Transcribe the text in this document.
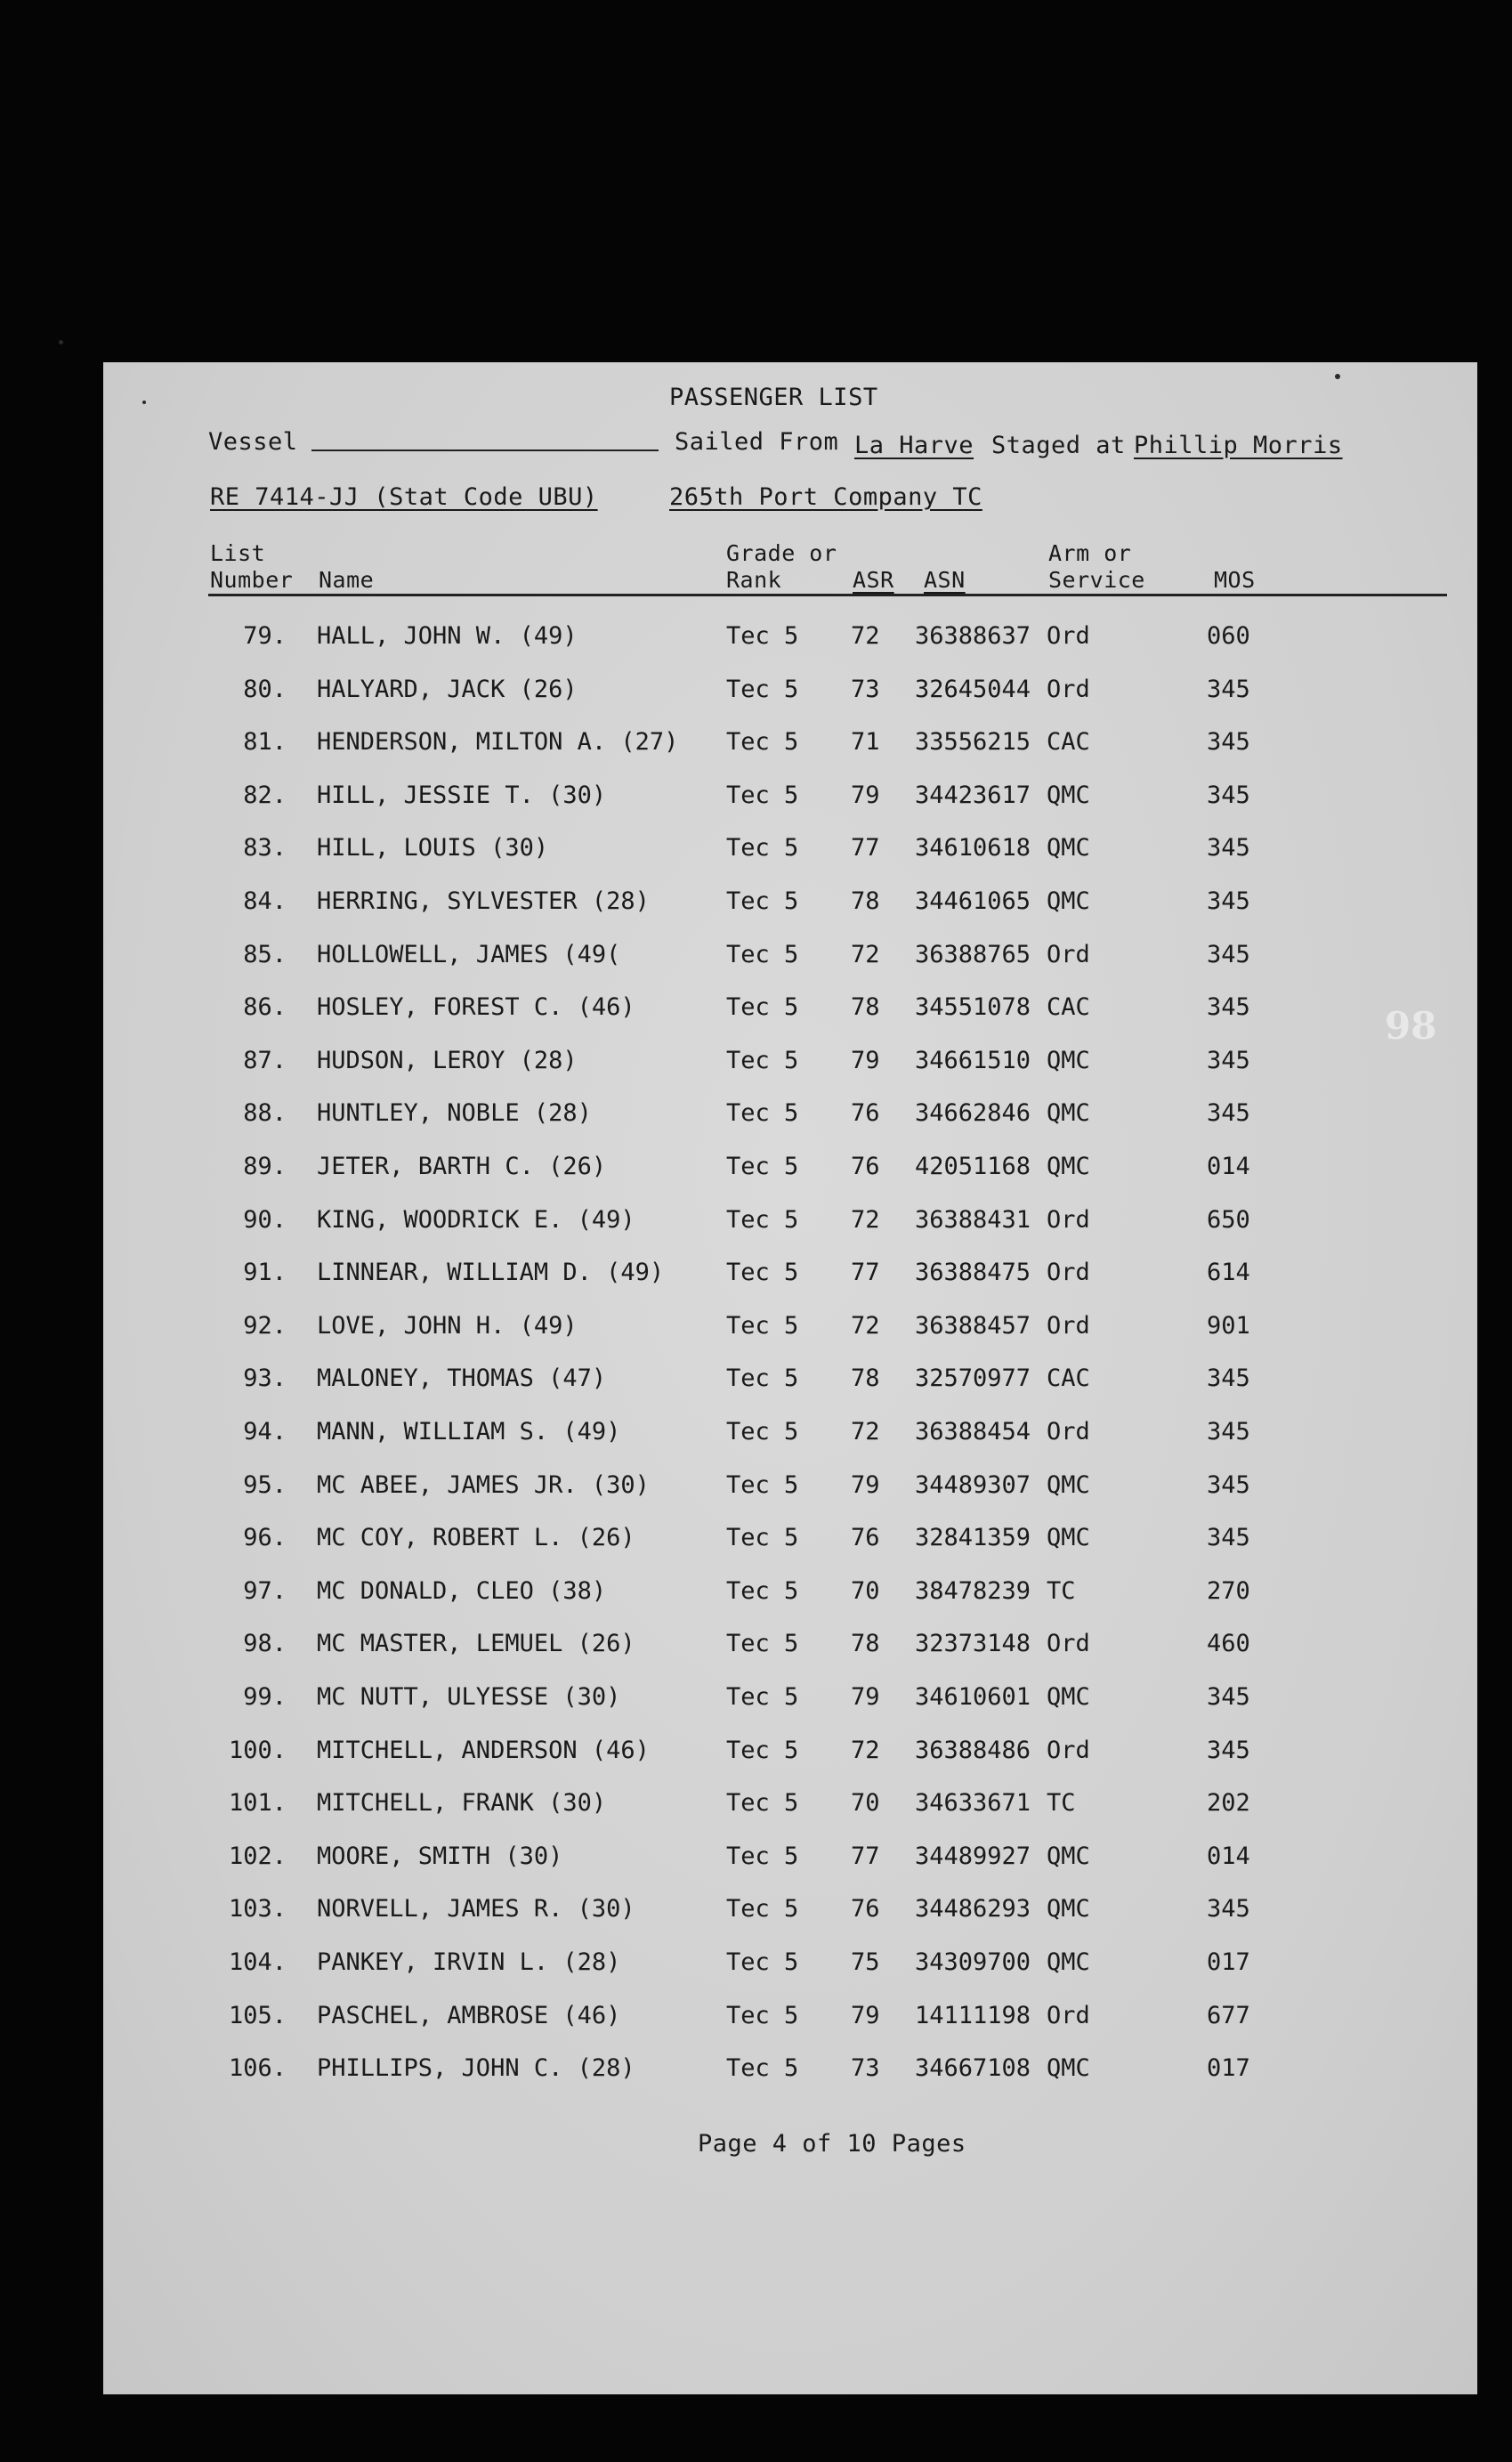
PASSENGER LIST
Vessel	Sailed From La Harve Staged at Phillip Morris
RE 7414-JJ (Stat Code UBU)	265th Port Company TC
List
Number Name
Grade or
Rank	ASR ASN
Arm or
Service	MOS
79. HALL, JOHN W. (49)	Tec 5 72 36388637 Ord	060
80. HALYARD, JACK (26)	Tec 5 73 32645044 Ord	345
81. HENDERSON, MILTON A. (27) Tec 5 71 33556215 CAC	345
82. HILL, JESSIE T. (30)	Tec 5 79 34423617 QMC	345
83. HILL, LOUIS (30)	Tec 5 77 34610618 QMC	345
84. HERRING, SYLVESTER (28)	Tec 5 78 34461065 QMC	345
85. HOLLOWELL, JAMES (49(	Tec 5 72 36388765 Ord	345
86. HOSLEY, FOREST C. (46)	Tec 5 78 34551078 CAC	345
87. HUDSON, LEROY (28)	Tec 5 79 34661510 QMC	345
88. HUNTLEY, NOBLE (28)	Tec 5 76 34662846 QMC	345
89. JETER, BARTH C. (26)	Tec 5 76 42051168 QMC	014
90. KING, WOODRICK E. (49)	Tec 5 72 36388431 Ord	650
91. LINNEAR, WILLIAM D. (49)	Tec 5 77 36388475 Ord	614
92. LOVE, JOHN H. (49)	Tec 5 72 36388457 Ord	901
93. MALONEY, THOMAS (47)	Tec 5 78 32570977 CAC	345
94. MANN, WILLIAM S. (49)	Tec 5 72 36388454 Ord	345
95. MC ABEE, JAMES JR. (30)	Tec 5 79 34489307 QMC	345
96. MC COY, ROBERT L. (26)	Tec 5 76 32841359 QMC	345
97. MC DONALD, CLEO (38)	Tec 5 70 38478239 TC	270
98. MC MASTER, LEMUEL (26)	Tec 5 78 32373148 Ord	460
99. MC NUTT, ULYESSE (30)	Tec 5 79 34610601 QMC	345
100. MITCHELL, ANDERSON (46)	Tec 5 72 36388486 Ord	345
101. MITCHELL, FRANK (30)	Tec 5 70 34633671 TC	202
102. MOORE, SMITH (30)	Tec 5 77 34489927 QMC	014
103. NORVELL, JAMES R. (30)	Tec 5 76 34486293 QMC	345
104. PANKEY, IRVIN L. (28)	Tec 5 75 34309700 QMC	017
105. PASCHEL, AMBROSE (46)	Tec 5 79 14111198 Ord	677
106. PHILLIPS, JOHN C. (28)	Tec 5 73 34667108 QMC	017
Page 4 of 10 Pages
98
